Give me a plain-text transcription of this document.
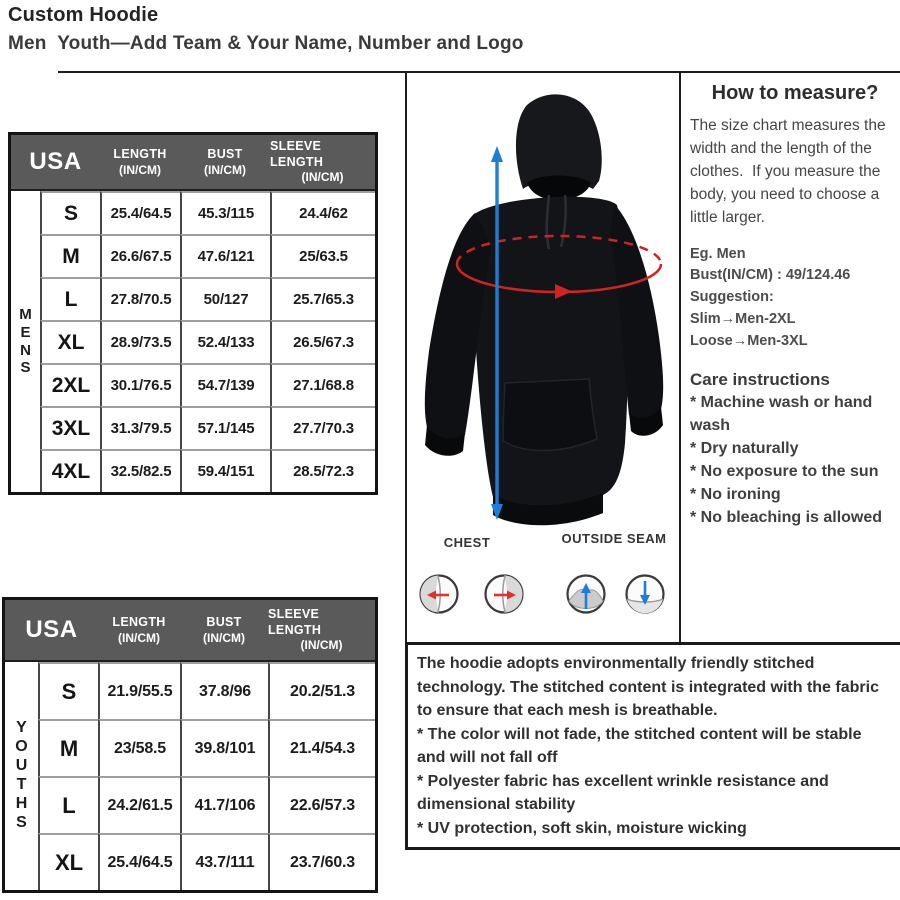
Custom Hoodie
Men  Youth—Add Team & Your Name, Number and Logo
USA	LENGTH
(IN/CM)
BUST
(IN/CM)
SLEEVE LENGTH
(IN/CM)
MENS
S	25.4/64.5	45.3/115	24.4/62
M	26.6/67.5	47.6/121	25/63.5
L	27.8/70.5	50/127	25.7/65.3
XL	28.9/73.5	52.4/133	26.5/67.3
2XL	30.1/76.5	54.7/139	27.1/68.8
3XL	31.3/79.5	57.1/145	27.7/70.3
4XL	32.5/82.5	59.4/151	28.5/72.3
USA	LENGTH
(IN/CM)
BUST
(IN/CM)
SLEEVE LENGTH
(IN/CM)
YOUTHS
S	21.9/55.5	37.8/96	20.2/51.3
M	23/58.5	39.8/101	21.4/54.3
L	24.2/61.5	41.7/106	22.6/57.3
XL	25.4/64.5	43.7/111	23.7/60.3
CHEST	OUTSIDE SEAM

How to measure?

The size chart measures the width and the length of the clothes.  If you measure the body, you need to choose a little larger.

Eg. Men
Bust(IN/CM) : 49/124.46
Suggestion:
Slim→Men-2XL
Loose→Men-3XL

Care instructions

* Machine wash or hand wash
* Dry naturally
* No exposure to the sun
* No ironing
* No bleaching is allowed

The hoodie adopts environmentally friendly stitched technology. The stitched content is integrated with the fabric to ensure that each mesh is breathable.

* The color will not fade, the stitched content will be stable and will not fall off

* Polyester fabric has excellent wrinkle resistance and dimensional stability

* UV protection, soft skin, moisture wicking
